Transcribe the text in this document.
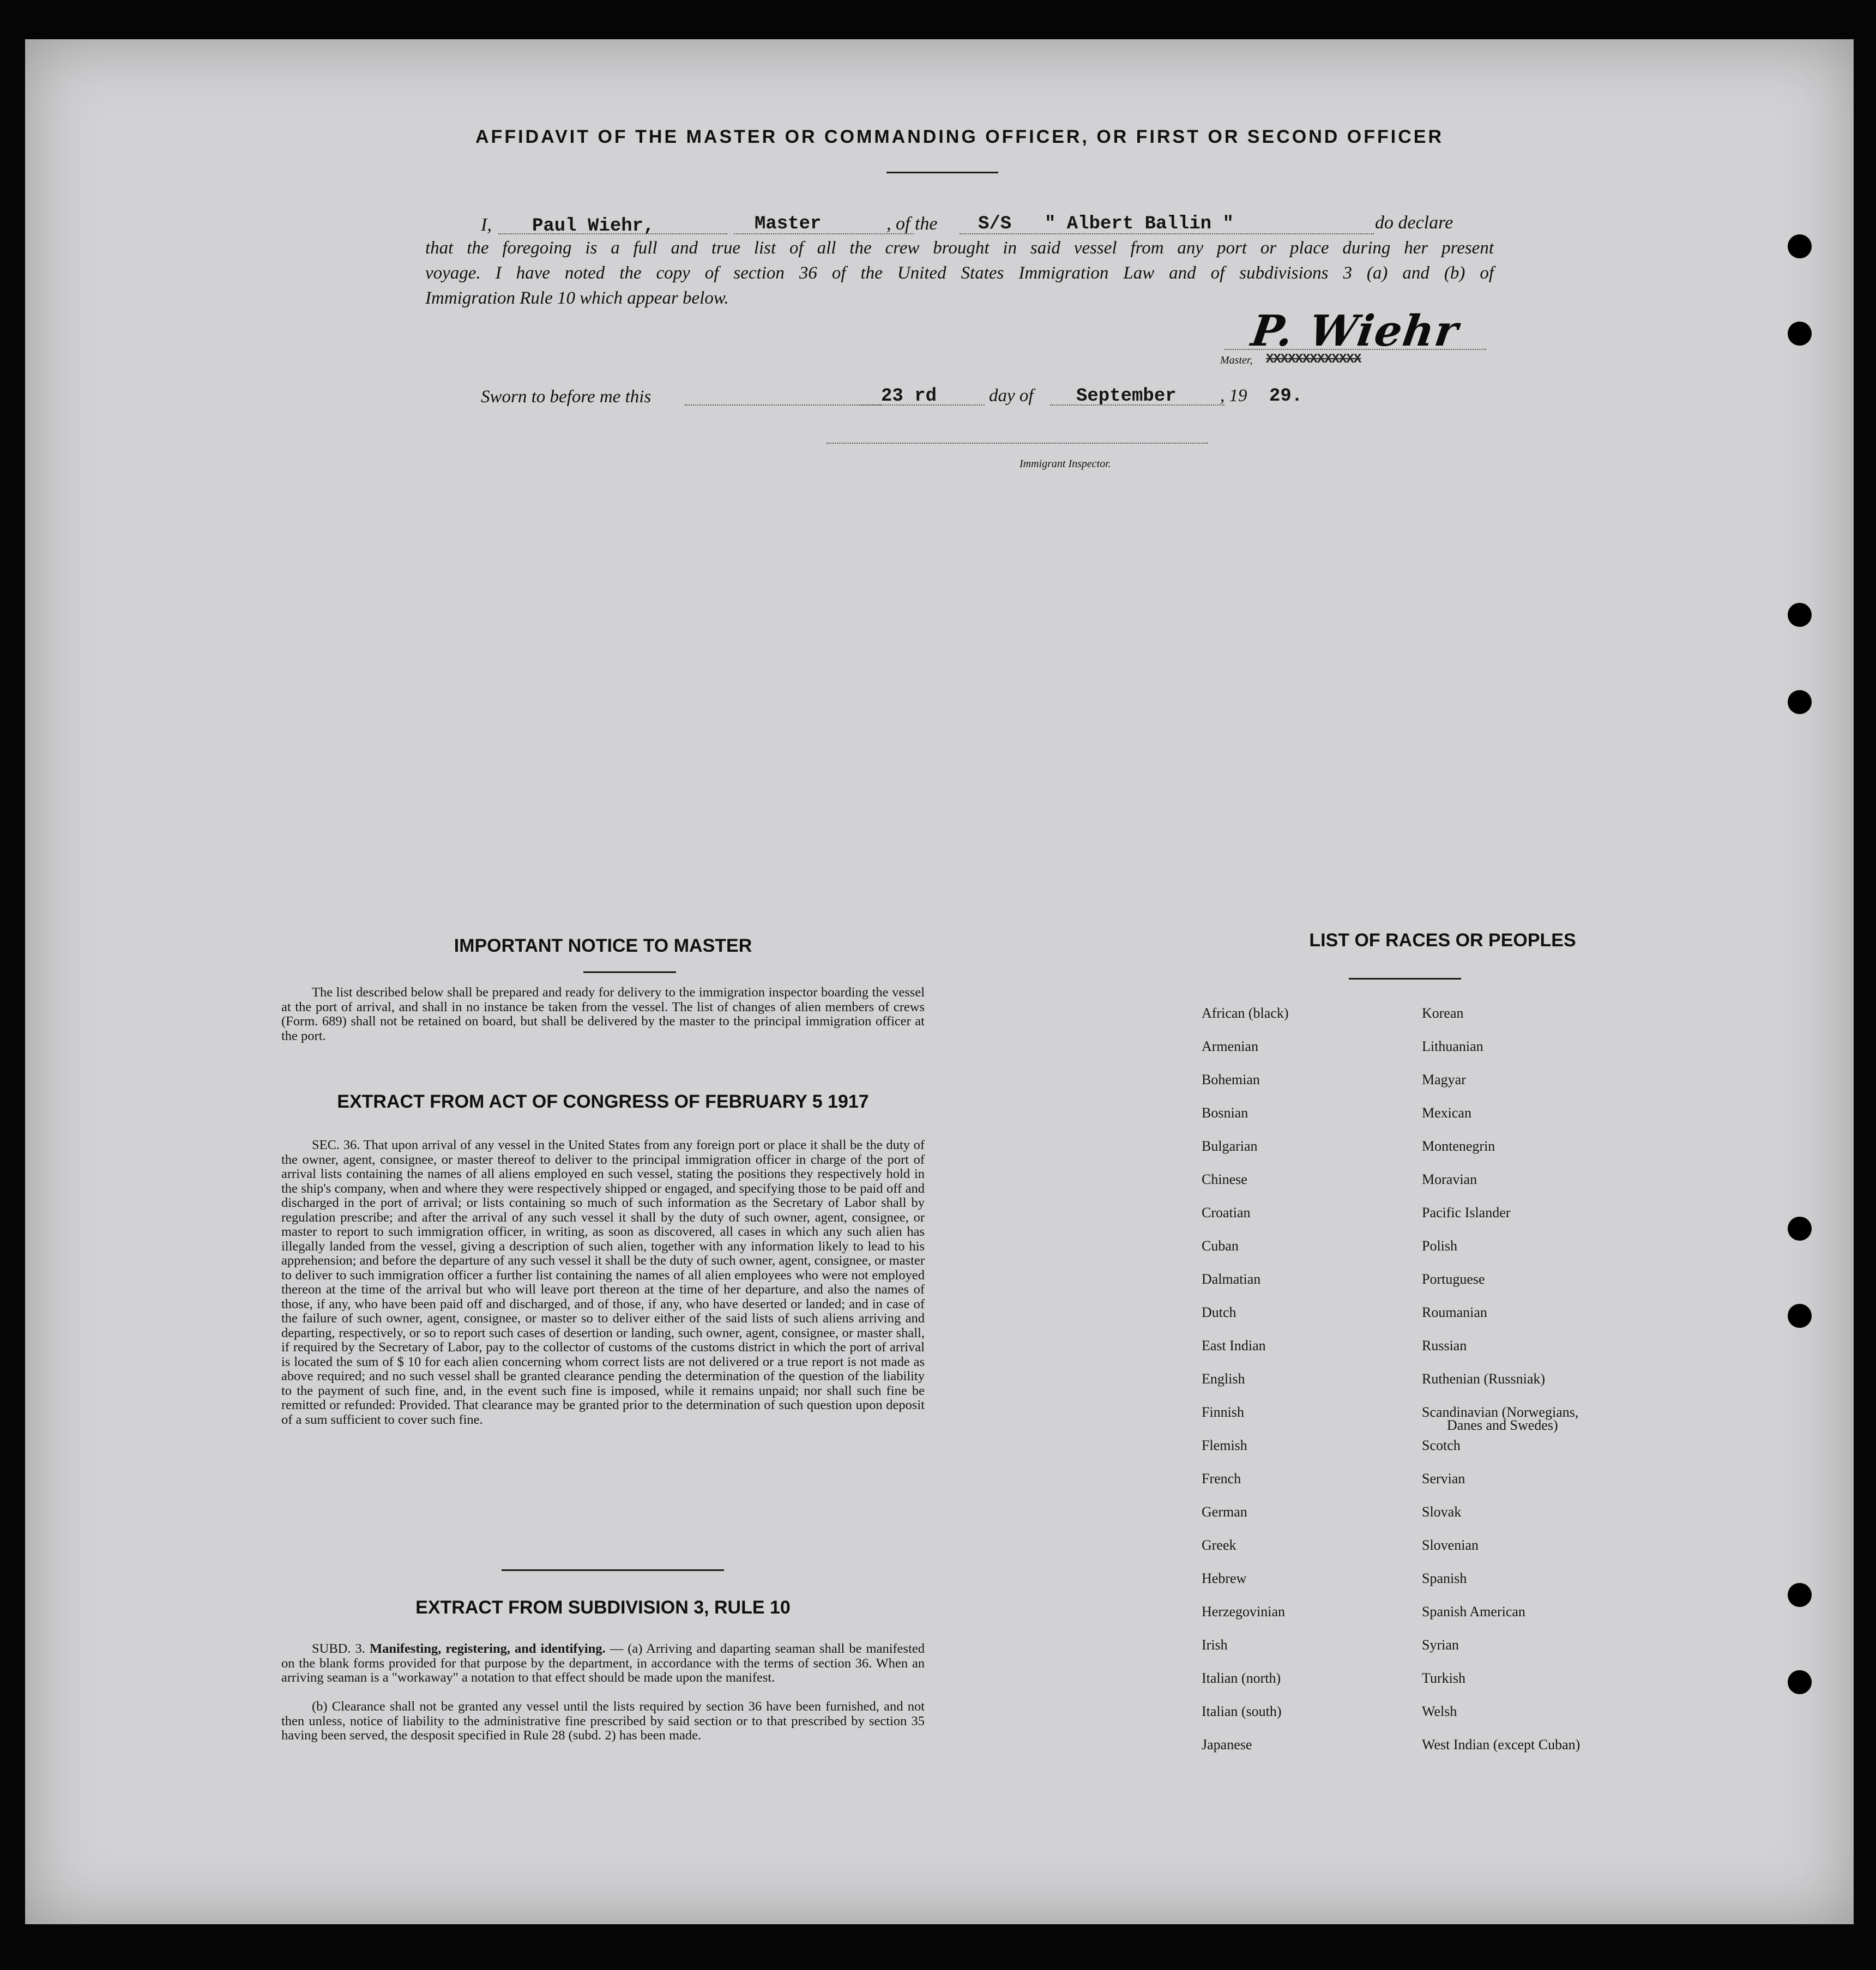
AFFIDAVIT OF THE MASTER OR COMMANDING OFFICER, OR FIRST OR SECOND OFFICER
I, Paul Wiehr,	Master	, of the S/S " Albert Ballin "	do declare
that the foregoing is a full and true list of all the crew brought in said vessel from any port or place during her present
voyage. I have noted the copy of section 36 of the United States Immigration Law and of subdivisions 3 (a) and (b) of
Immigration Rule 10 which appear below.
P. Wiehr
Master, XXXXXXXXXXXXX
Sworn to before me this	23 rd	day of September , 19 29.
Immigrant Inspector.
IMPORTANT NOTICE TO MASTER
The list described below shall be prepared and ready for delivery to the immigration inspector boarding the vessel at the port of arrival, and shall in no instance be taken from the vessel. The list of changes of alien members of crews (Form. 689) shall not be retained on board, but shall be delivered by the master to the principal immigration officer at the port.
EXTRACT FROM ACT OF CONGRESS OF FEBRUARY 5 1917
SEC. 36. That upon arrival of any vessel in the United States from any foreign port or place it shall be the duty of the owner, agent, consignee, or master thereof to deliver to the principal immigration officer in charge of the port of arrival lists containing the names of all aliens employed en such vessel, stating the positions they respectively hold in the ship's company, when and where they were respectively shipped or engaged, and specifying those to be paid off and discharged in the port of arrival; or lists containing so much of such information as the Secretary of Labor shall by regulation prescribe; and after the arrival of any such vessel it shall by the duty of such owner, agent, consignee, or master to report to such immigration officer, in writing, as soon as discovered, all cases in which any such alien has illegally landed from the vessel, giving a description of such alien, together with any information likely to lead to his apprehension; and before the departure of any such vessel it shall be the duty of such owner, agent, consignee, or master to deliver to such immigration officer a further list containing the names of all alien employees who were not employed thereon at the time of the arrival but who will leave port thereon at the time of her departure, and also the names of those, if any, who have been paid off and discharged, and of those, if any, who have deserted or landed; and in case of the failure of such owner, agent, consignee, or master so to deliver either of the said lists of such aliens arriving and departing, respectively, or so to report such cases of desertion or landing, such owner, agent, consignee, or master shall, if required by the Secretary of Labor, pay to the collector of customs of the customs district in which the port of arrival is located the sum of $ 10 for each alien concerning whom correct lists are not delivered or a true report is not made as above required; and no such vessel shall be granted clearance pending the determination of the question of the liability to the payment of such fine, and, in the event such fine is imposed, while it remains unpaid; nor shall such fine be remitted or refunded: Provided. That clearance may be granted prior to the determination of such question upon deposit of a sum sufficient to cover such fine.
EXTRACT FROM SUBDIVISION 3, RULE 10
SUBD. 3. Manifesting, registering, and identifying. — (a) Arriving and daparting seaman shall be manifested on the blank forms provided for that purpose by the department, in accordance with the terms of section 36. When an arriving seaman is a "workaway" a notation to that effect should be made upon the manifest.
(b) Clearance shall not be granted any vessel until the lists required by section 36 have been furnished, and not then unless, notice of liability to the administrative fine prescribed by said section or to that prescribed by section 35 having been served, the desposit specified in Rule 28 (subd. 2) has been made.
LIST OF RACES OR PEOPLES
African (black)
Armenian
Bohemian
Bosnian
Bulgarian
Chinese
Croatian
Cuban
Dalmatian
Dutch
East Indian
English
Finnish
Flemish
French
German
Greek
Hebrew
Herzegovinian
Irish
Italian (north)
Italian (south)
Japanese
Korean
Lithuanian
Magyar
Mexican
Montenegrin
Moravian
Pacific Islander
Polish
Portuguese
Roumanian
Russian
Ruthenian (Russniak)
Scandinavian (Norwegians,
Scotch
Servian
Slovak
Slovenian
Spanish
Spanish American
Syrian
Turkish
Welsh
West Indian (except Cuban)
Danes and Swedes)
